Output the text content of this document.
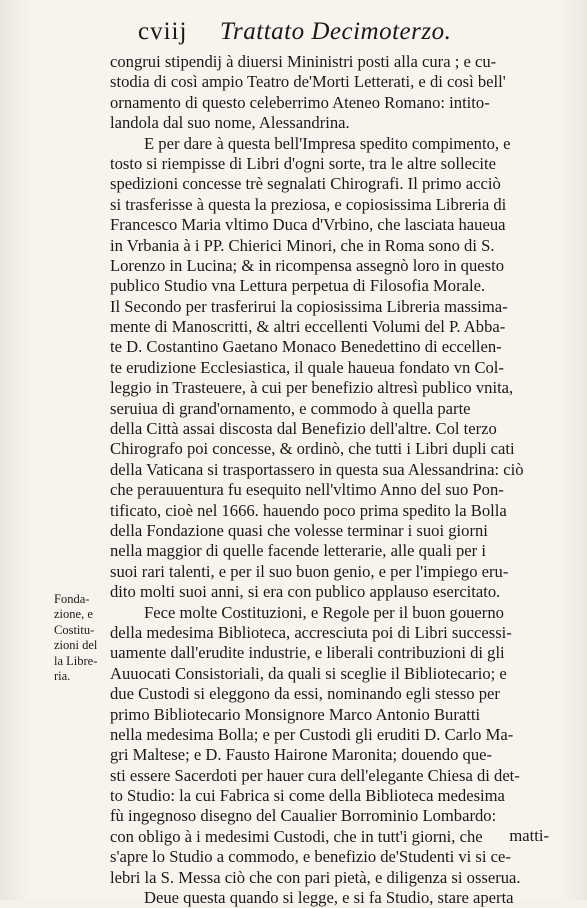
cviij	Trattato Decimoterzo.
congrui stipendij à diuersi Mininistri posti alla cura ; e cu-
stodia di così ampio Teatro de'Morti Letterati, e di così bell'
ornamento di questo celeberrimo Ateneo Romano: intito-
landola dal suo nome, Alessandrina.
E per dare à questa bell'Impresa spedito compimento, e
tosto si riempisse di Libri d'ogni sorte, tra le altre sollecite
spedizioni concesse trè segnalati Chirografi. Il primo acciò
si trasferisse à questa la preziosa, e copiosissima Libreria di
Francesco Maria vltimo Duca d'Vrbino, che lasciata haueua
in Vrbania à i PP. Chierici Minori, che in Roma sono di S.
Lorenzo in Lucina; & in ricompensa assegnò loro in questo
publico Studio vna Lettura perpetua di Filosofia Morale.
Il Secondo per trasferirui la copiosissima Libreria massima-
mente di Manoscritti, & altri eccellenti Volumi del P. Abba-
te D. Costantino Gaetano Monaco Benedettino di eccellen-
te erudizione Ecclesiastica, il quale haueua fondato vn Col-
leggio in Trasteuere, à cui per benefizio altresì publico vnita,
seruiua di grand'ornamento, e commodo à quella parte
della Città assai discosta dal Benefizio dell'altre. Col terzo
Chirografo poi concesse, & ordinò, che tutti i Libri dupli cati
della Vaticana si trasportassero in questa sua Alessandrina: ciò
che perauuentura fu esequito nell'vltimo Anno del suo Pon-
tificato, cioè nel 1666. hauendo poco prima spedito la Bolla
della Fondazione quasi che volesse terminar i suoi giorni
nella maggior di quelle facende letterarie, alle quali per i
suoi rari talenti, e per il suo buon genio, e per l'impiego eru-
dito molti suoi anni, si era con publico applauso esercitato.
Fece molte Costituzioni, e Regole per il buon gouerno
della medesima Biblioteca, accresciuta poi di Libri successi-
uamente dall'erudite industrie, e liberali contribuzioni di gli
Auuocati Consistoriali, da quali si sceglie il Bibliotecario; e
due Custodi si eleggono da essi, nominando egli stesso per
primo Bibliotecario Monsignore Marco Antonio Buratti
nella medesima Bolla; e per Custodi gli eruditi D. Carlo Ma-
gri Maltese; e D. Fausto Hairone Maronita; douendo que-
sti essere Sacerdoti per hauer cura dell'elegante Chiesa di det-
to Studio: la cui Fabrica si come della Biblioteca medesima
fù ingegnoso disegno del Caualier Borrominio Lombardo:
con obligo à i medesimi Custodi, che in tutt'i giorni, che
s'apre lo Studio a commodo, e benefizio de'Studenti vi si ce-
lebri la S. Messa ciò che con pari pietà, e diligenza si osserua.
Deue questa quando si legge, e si fa Studio, stare aperta
Fonda-
zione, e
Costitu-
zioni del
la Libre-
ria.
matti-
